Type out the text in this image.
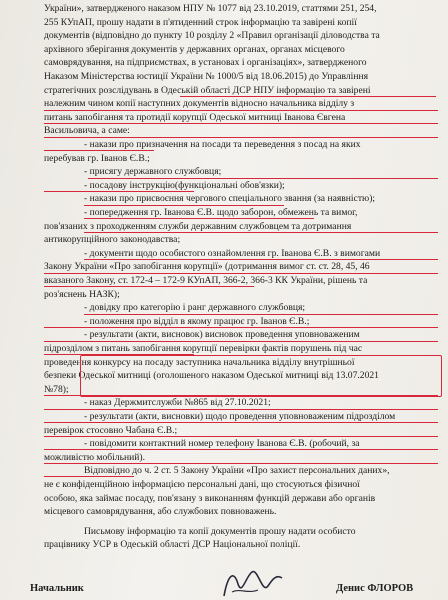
України», затвердженого наказом НПУ № 1077 від 23.10.2019, статтями 251, 254,
255 КУпАП, прошу надати в п'ятиденний строк інформацію та завірені копії
документів (відповідно до пункту 10 розділу 2 «Правил організації діловодства та
архівного зберігання документів у державних органах, органах місцевого
самоврядування, на підприємствах, в установах і організаціях», затвердженого
Наказом Міністерства юстиції України № 1000/5 від 18.06.2015) до Управління
стратегічних розслідувань в Одеській області ДСР НПУ інформацію та завірені
належним чином копії наступних документів відносно начальника відділу з
питань запобігання та протидії корупції Одеської митниці Іванова Євгена
Васильовича, а саме:
- накази про призначення на посади та переведення з посад на яких
перебував гр. Іванов Є.В.;
- присягу державного службовця;
- посадову інструкцію(функціональні обов'язки);
- накази про присвоєння чергового спеціального звання (за наявністю);
- попередження гр. Іванова Є.В. щодо заборон, обмежень та вимог,
пов'язаних з проходженням служби державним службовцем та дотримання
антикорупційного законодавства;
- документи щодо особистого ознайомлення гр. Іванова Є.В. з вимогами
Закону України «Про запобігання корупції» (дотримання вимог ст. ст. 28, 45, 46
вказаного Закону, ст. 172-4 – 172-9 КУпАП, 366-2, 366-3 КК України, рішень та
роз'яснень НАЗК);
- довідку про категорію і ранг державного службовця;
- положення про відділ в якому працює гр. Іванов Є.В.;
- результати (акти, висновок) висновок проведення уповноваженим
підрозділом з питань запобігання корупції перевірки фактів порушень під час
проведення конкурсу на посаду заступника начальника відділу внутрішньої
безпеки Одеської митниці (оголошеного наказом Одеської митниці від 13.07.2021
№78);
- наказ Держмитслужби №865 від 27.10.2021;
- результати (акти, висновки) щодо проведення уповноваженим підрозділом
перевірок стосовно Чабана Є.В.;
- повідомити контактний номер телефону Іванова Є.В. (робочий, за
можливістю мобільний).
Відповідно до ч. 2 ст. 5 Закону України «Про захист персональних даних»,
не є конфіденційною інформацією персональні дані, що стосуються фізичної
особою, яка займає посаду, пов'язану з виконанням функцій держави або органів
місцевого самоврядування, або службових повноважень.
Письмову інформацію та копії документів прошу надати особисто
працівнику УСР в Одеській області ДСР Національної поліції.
Начальник	Денис ФЛОРОВ
